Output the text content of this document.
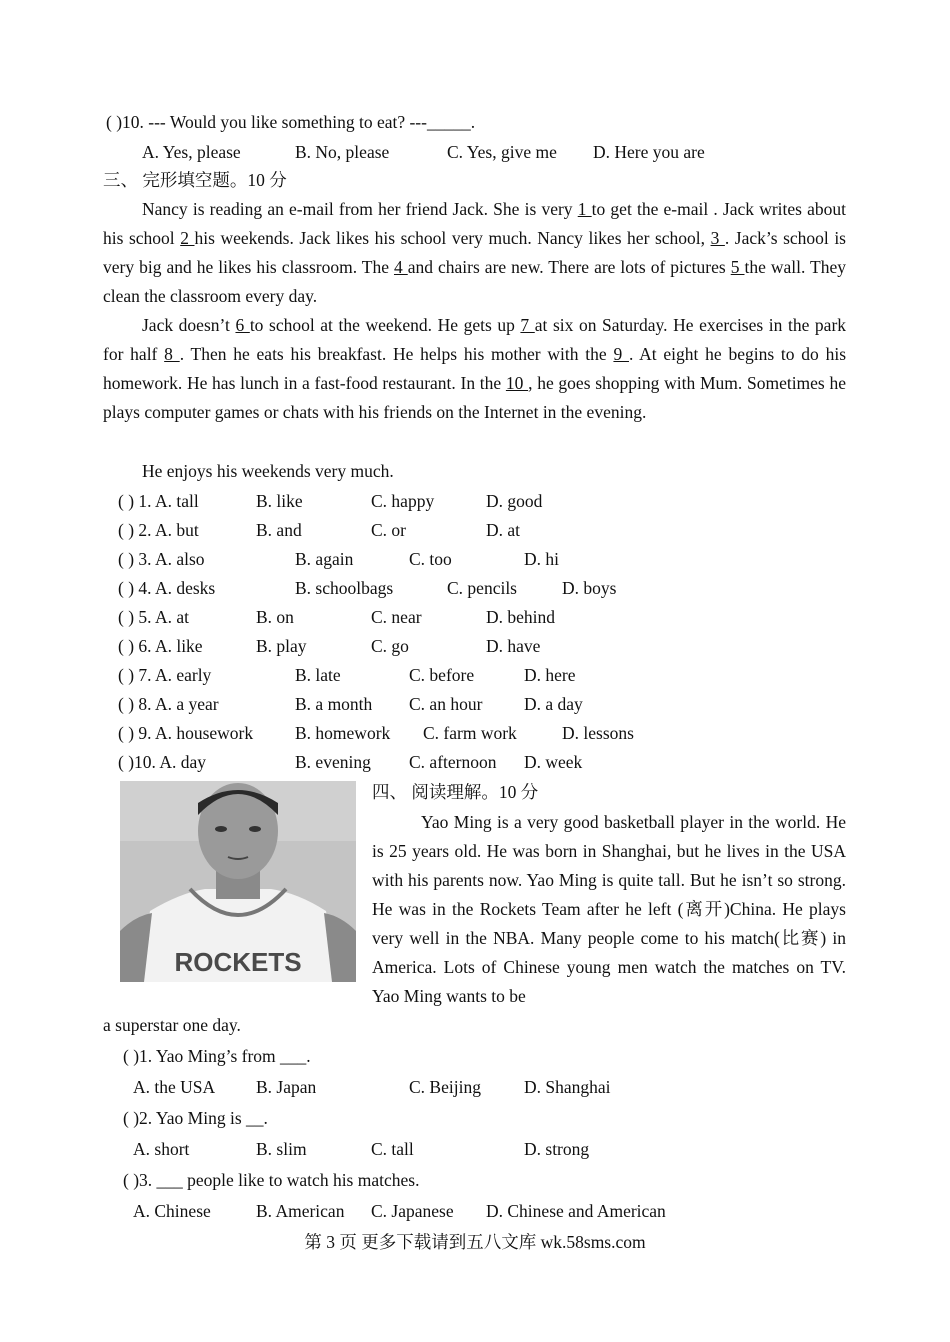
( )10. --- Would you like something to eat? ---_____.
A. Yes, please	B. No, please	C. Yes, give me D. Here you are
三、 完形填空题。10 分
Nancy is reading an e-mail from her friend Jack. She is very 1 to get the e-mail . Jack writes about his school 2 his weekends. Jack likes his school very much. Nancy likes her school, 3 . Jack’s school is very big and he likes his classroom. The 4 and chairs are new. There are lots of pictures 5 the wall. They clean the classroom every day.
Jack doesn’t 6 to school at the weekend. He gets up 7 at six on Saturday. He exercises in the park for half 8 . Then he eats his breakfast. He helps his mother with the 9 . At eight he begins to do his homework. He has lunch in a fast-food restaurant. In the 10 , he goes shopping with Mum. Sometimes he plays computer games or chats with his friends on the Internet in the evening.
He enjoys his weekends very much.
( ) 1. A. tall	B. like	C. happy	D. good
( ) 2. A. but	B. and	C. or	D. at
( ) 3. A. also	B. again	C. too	D. hi
( ) 4. A. desks	B. schoolbags	C. pencils	D. boys
( ) 5. A. at	B. on	C. near	D. behind
( ) 6. A. like	B. play	C. go	D. have
( ) 7. A. early	B. late	C. before	D. here
( ) 8. A. a year	B. a month C. an hour D. a day
( ) 9. A. housework B. homework C. farm work	D. lessons
( )10. A. day	B. evening C. afternoon D. week
ROCKETS
四、 阅读理解。10 分
Yao Ming is a very good basketball player in the world. He is 25 years old. He was born in Shanghai, but he lives in the USA with his parents now. Yao Ming is quite tall. But he isn’t so strong. He was in the Rockets Team after he left (离开)China. He plays very well in the NBA. Many people come to his match(比赛) in America. Lots of Chinese young men watch the matches on TV. Yao Ming wants to be
a superstar one day.
( )1. Yao Ming’s from ___.
A. the USA B. Japan	C. Beijing D. Shanghai
( )2. Yao Ming is __.
A. short	B. slim	C. tall	D. strong
( )3. ___ people like to watch his matches.
A. Chinese	B. American C. Japanese D. Chinese and American
第 3 页 更多下载请到五八文库 wk.58sms.com
